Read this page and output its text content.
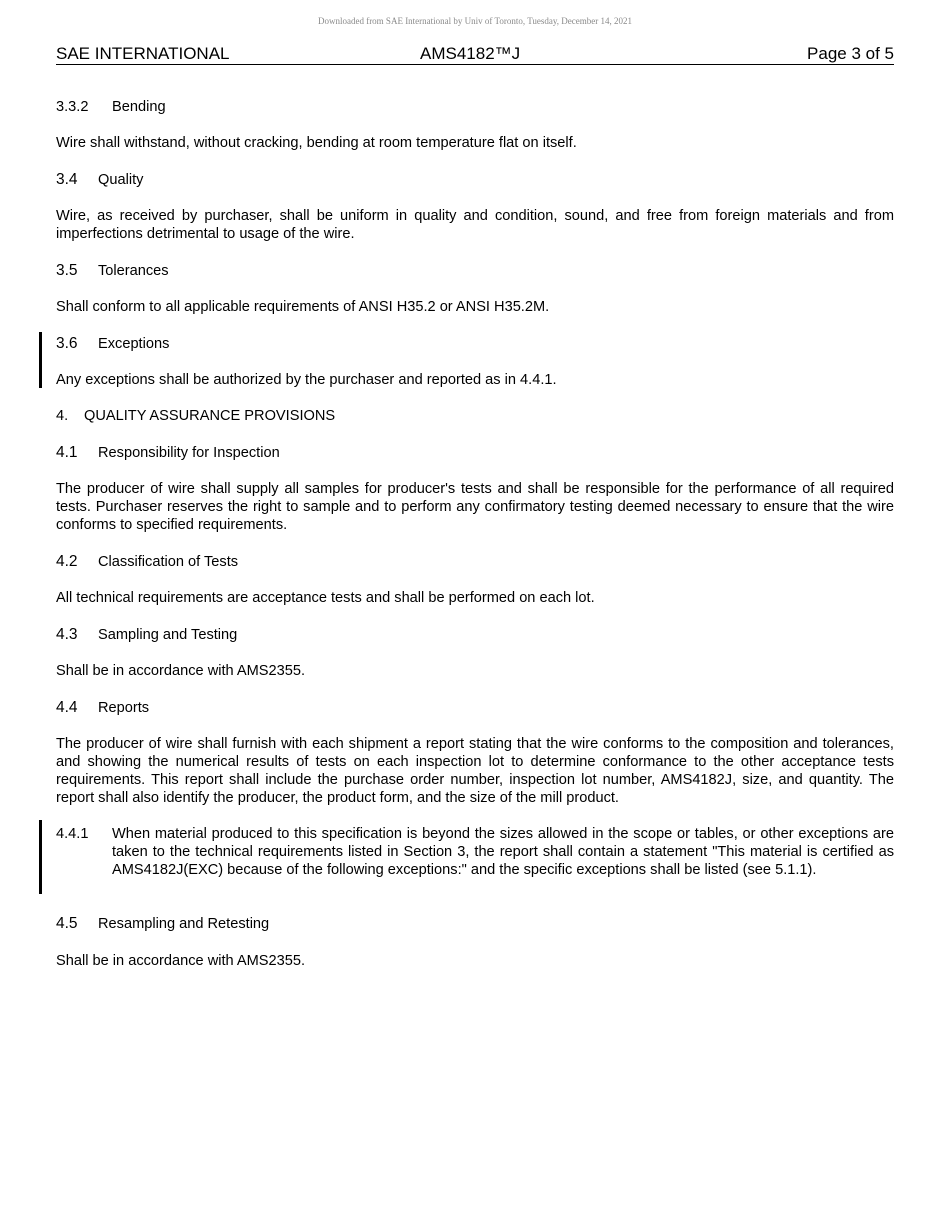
Downloaded from SAE International by Univ of Toronto, Tuesday, December 14, 2021
SAE INTERNATIONAL	AMS4182™J	Page 3 of 5
3.3.2 Bending
Wire shall withstand, without cracking, bending at room temperature flat on itself.
3.4 Quality
Wire, as received by purchaser, shall be uniform in quality and condition, sound, and free from foreign materials and from imperfections detrimental to usage of the wire.
3.5 Tolerances
Shall conform to all applicable requirements of ANSI H35.2 or ANSI H35.2M.
3.6 Exceptions
Any exceptions shall be authorized by the purchaser and reported as in 4.4.1.
4. QUALITY ASSURANCE PROVISIONS
4.1 Responsibility for Inspection
The producer of wire shall supply all samples for producer's tests and shall be responsible for the performance of all required tests. Purchaser reserves the right to sample and to perform any confirmatory testing deemed necessary to ensure that the wire conforms to specified requirements.
4.2 Classification of Tests
All technical requirements are acceptance tests and shall be performed on each lot.
4.3 Sampling and Testing
Shall be in accordance with AMS2355.
4.4 Reports
The producer of wire shall furnish with each shipment a report stating that the wire conforms to the composition and tolerances, and showing the numerical results of tests on each inspection lot to determine conformance to the other acceptance tests requirements. This report shall include the purchase order number, inspection lot number, AMS4182J, size, and quantity. The report shall also identify the producer, the product form, and the size of the mill product.
4.4.1	When material produced to this specification is beyond the sizes allowed in the scope or tables, or other exceptions are taken to the technical requirements listed in Section 3, the report shall contain a statement "This material is certified as AMS4182J(EXC) because of the following exceptions:" and the specific exceptions shall be listed (see 5.1.1).
4.5 Resampling and Retesting
Shall be in accordance with AMS2355.
